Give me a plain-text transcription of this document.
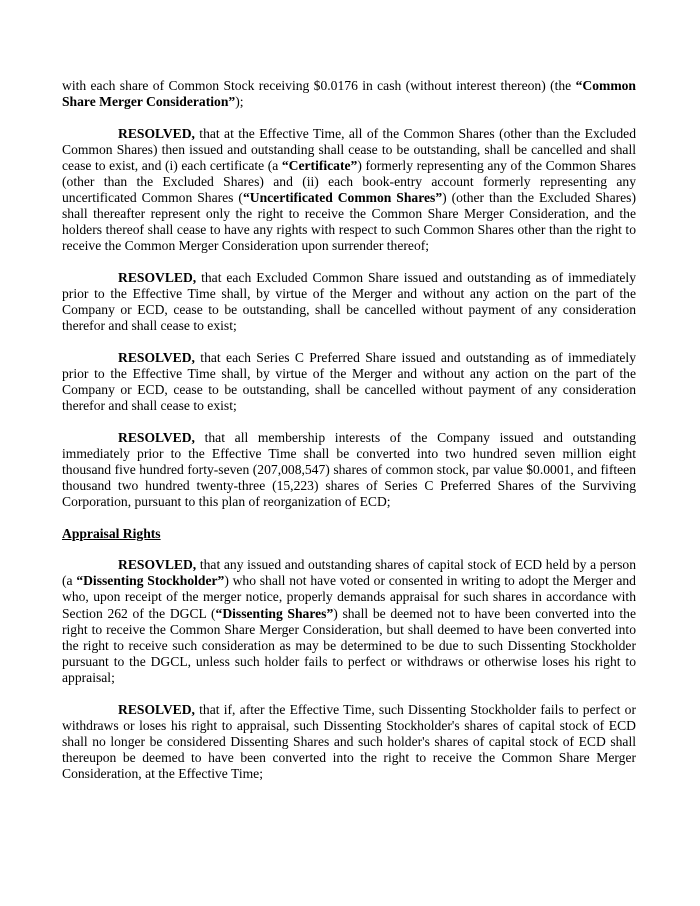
with each share of Common Stock receiving $0.0176 in cash (without interest thereon) (the “Common Share Merger Consideration”);

RESOLVED, that at the Effective Time, all of the Common Shares (other than the Excluded Common Shares) then issued and outstanding shall cease to be outstanding, shall be cancelled and shall cease to exist, and (i) each certificate (a “Certificate”) formerly representing any of the Common Shares (other than the Excluded Shares) and (ii) each book-entry account formerly representing any uncertificated Common Shares (“Uncertificated Common Shares”) (other than the Excluded Shares) shall thereafter represent only the right to receive the Common Share Merger Consideration, and the holders thereof shall cease to have any rights with respect to such Common Shares other than the right to receive the Common Merger Consideration upon surrender thereof;

RESOVLED, that each Excluded Common Share issued and outstanding as of immediately prior to the Effective Time shall, by virtue of the Merger and without any action on the part of the Company or ECD, cease to be outstanding, shall be cancelled without payment of any consideration therefor and shall cease to exist;

RESOLVED, that each Series C Preferred Share issued and outstanding as of immediately prior to the Effective Time shall, by virtue of the Merger and without any action on the part of the Company or ECD, cease to be outstanding, shall be cancelled without payment of any consideration therefor and shall cease to exist;

RESOLVED, that all membership interests of the Company issued and outstanding immediately prior to the Effective Time shall be converted into two hundred seven million eight thousand five hundred forty-seven (207,008,547) shares of common stock, par value $0.0001, and fifteen thousand two hundred twenty-three (15,223) shares of Series C Preferred Shares of the Surviving Corporation, pursuant to this plan of reorganization of ECD;

Appraisal Rights

RESOVLED, that any issued and outstanding shares of capital stock of ECD held by a person (a “Dissenting Stockholder”) who shall not have voted or consented in writing to adopt the Merger and who, upon receipt of the merger notice, properly demands appraisal for such shares in accordance with Section 262 of the DGCL (“Dissenting Shares”) shall be deemed not to have been converted into the right to receive the Common Share Merger Consideration, but shall deemed to have been converted into the right to receive such consideration as may be determined to be due to such Dissenting Stockholder pursuant to the DGCL, unless such holder fails to perfect or withdraws or otherwise loses his right to appraisal;

RESOLVED, that if, after the Effective Time, such Dissenting Stockholder fails to perfect or withdraws or loses his right to appraisal, such Dissenting Stockholder's shares of capital stock of ECD shall no longer be considered Dissenting Shares and such holder's shares of capital stock of ECD shall thereupon be deemed to have been converted into the right to receive the Common Share Merger Consideration, at the Effective Time;
